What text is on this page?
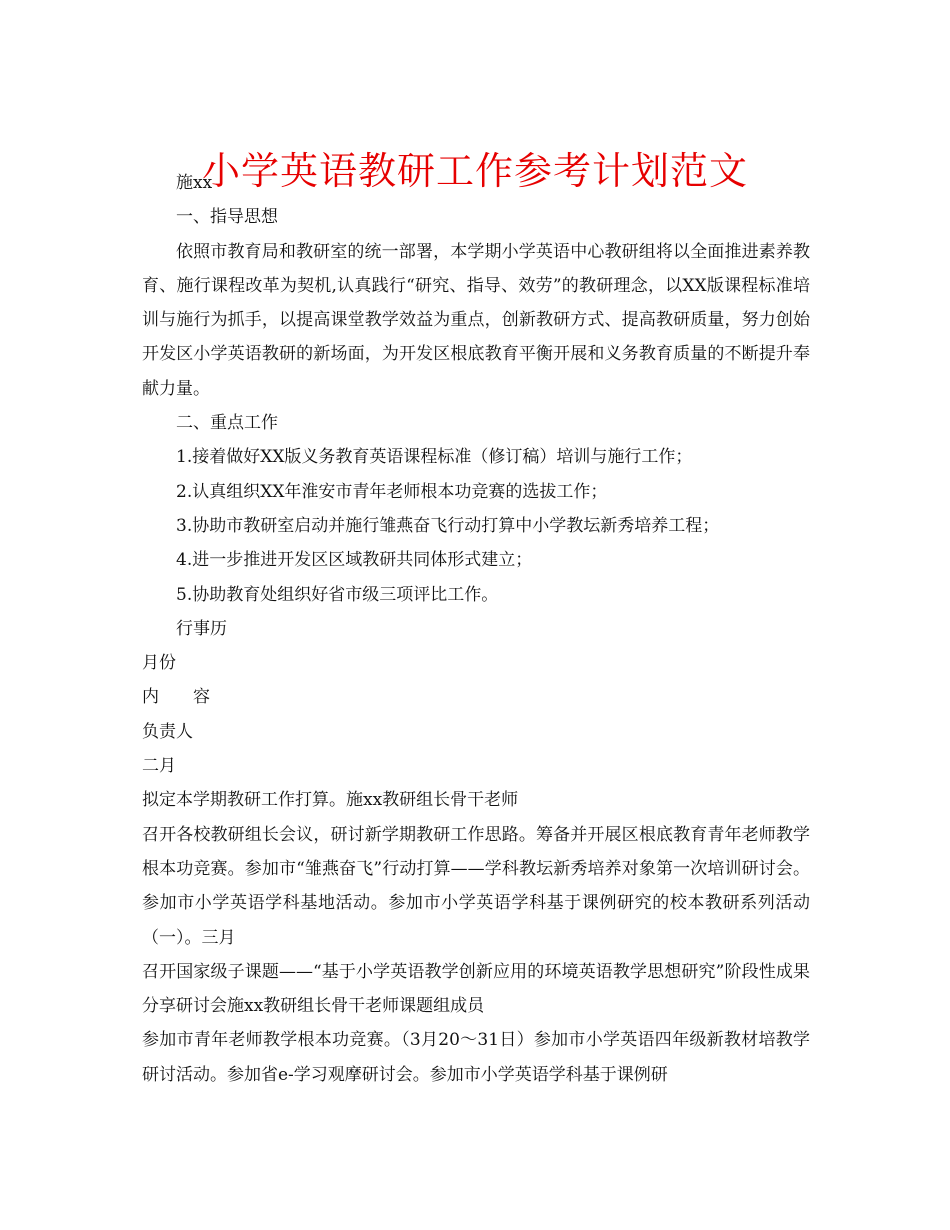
小学英语教研工作参考计划范文

施xx

一、指导思想

依照市教育局和教研室的统一部署，本学期小学英语中心教研组将以全面推进素养教育、施行课程改革为契机,认真践行“研究、指导、效劳”的教研理念，以XX版课程标准培训与施行为抓手，以提高课堂教学效益为重点，创新教研方式、提高教研质量，努力创始开发区小学英语教研的新场面，为开发区根底教育平衡开展和义务教育质量的不断提升奉献力量。

二、重点工作

1.接着做好XX版义务教育英语课程标准（修订稿）培训与施行工作；

2.认真组织XX年淮安市青年老师根本功竞赛的选拔工作；

3.协助市教研室启动并施行雏燕奋飞行动打算中小学教坛新秀培养工程；

4.进一步推进开发区区域教研共同体形式建立；

5.协助教育处组织好省市级三项评比工作。

行事历

月份

内　　容

负责人

二月

拟定本学期教研工作打算。施xx教研组长骨干老师

召开各校教研组长会议，研讨新学期教研工作思路。筹备并开展区根底教育青年老师教学根本功竞赛。参加市“雏燕奋飞”行动打算——学科教坛新秀培养对象第一次培训研讨会。参加市小学英语学科基地活动。参加市小学英语学科基于课例研究的校本教研系列活动（一）。三月

召开国家级子课题——“基于小学英语教学创新应用的环境英语教学思想研究”阶段性成果分享研讨会施xx教研组长骨干老师课题组成员

参加市青年老师教学根本功竞赛。（3月20～31日）参加市小学英语四年级新教材培教学研讨活动。参加省e-学习观摩研讨会。参加市小学英语学科基于课例研
